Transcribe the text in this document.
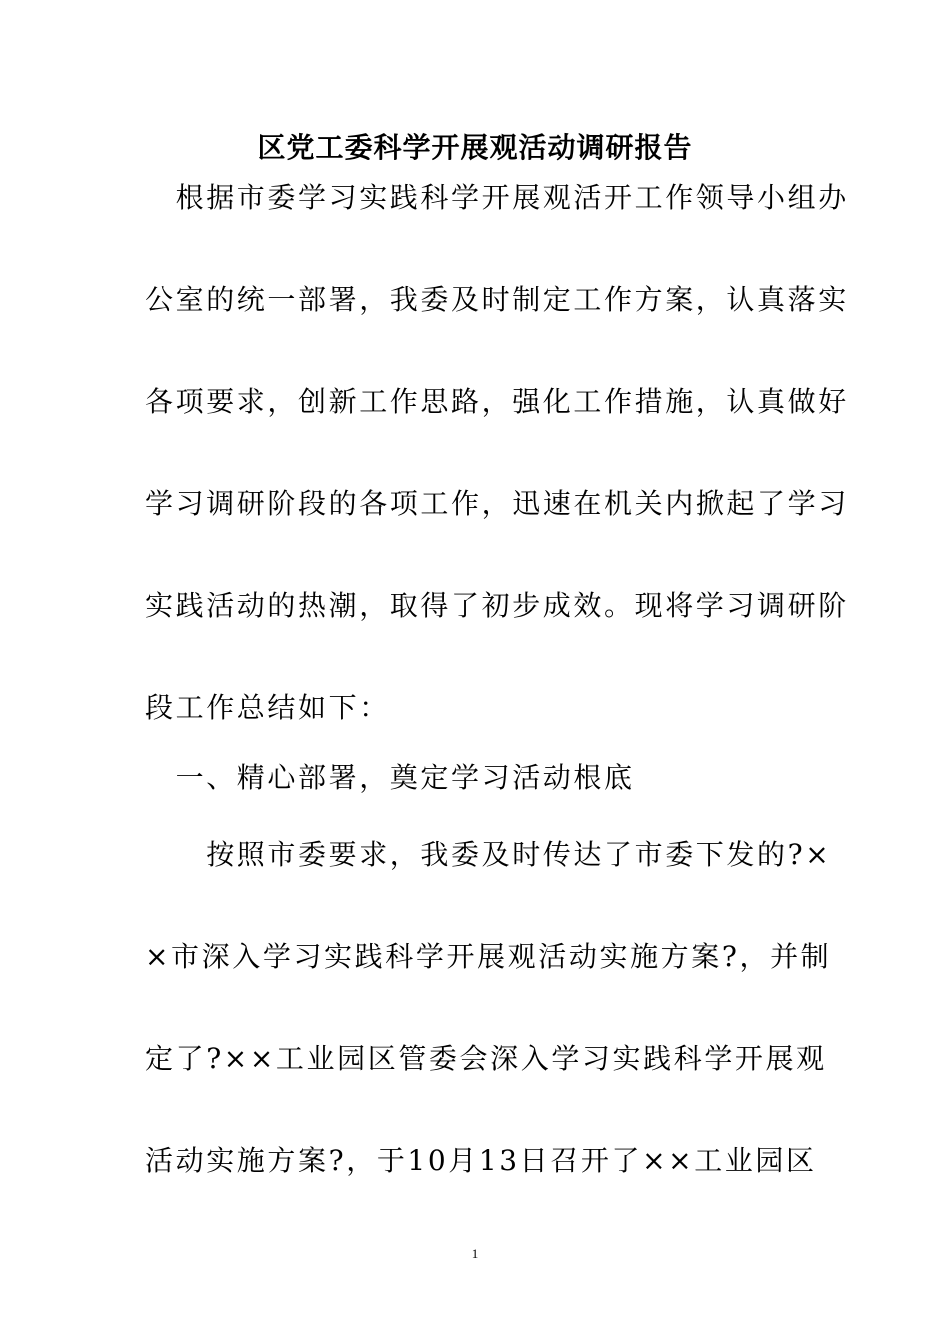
区党工委科学开展观活动调研报告
　根据市委学习实践科学开展观活开工作领导小组办
公室的统一部署，我委及时制定工作方案，认真落实
各项要求，创新工作思路，强化工作措施，认真做好
学习调研阶段的各项工作，迅速在机关内掀起了学习
实践活动的热潮，取得了初步成效。现将学习调研阶
段工作总结如下：
　一、精心部署，奠定学习活动根底
　　按照市委要求，我委及时传达了市委下发的?×
×市深入学习实践科学开展观活动实施方案?，并制
定了?××工业园区管委会深入学习实践科学开展观
活动实施方案?，于10月13日召开了××工业园区
1
